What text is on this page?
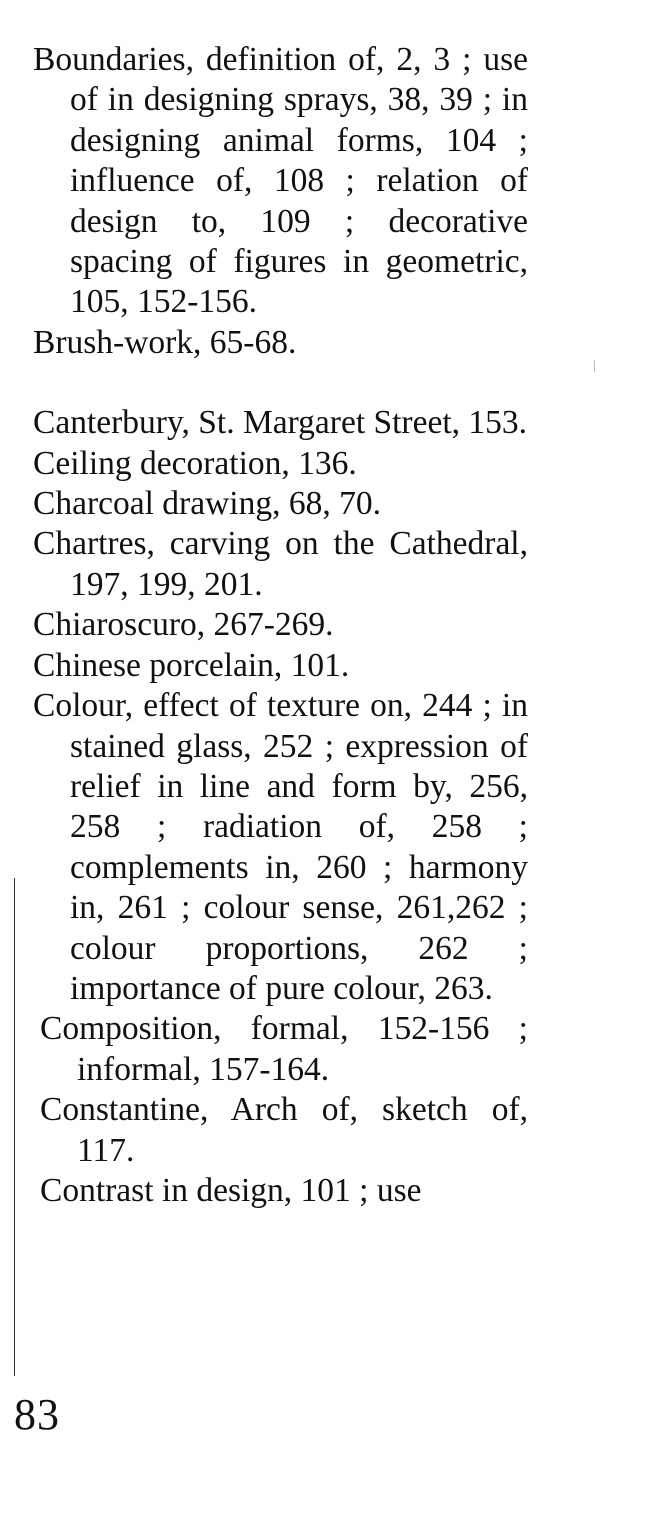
Boundaries, definition of, 2, 3 ; use of in designing sprays, 38, 39 ; in designing animal forms, 104 ; influence of, 108 ; relation of design to, 109 ; decorative spacing of figures in geometric, 105, 152-156.
Brush-work, 65-68.
Canterbury, St. Margaret Street, 153.
Ceiling decoration, 136.
Charcoal drawing, 68, 70.
Chartres, carving on the Cathedral, 197, 199, 201.
Chiaroscuro, 267-269.
Chinese porcelain, 101.
Colour, effect of texture on, 244 ; in stained glass, 252 ; expression of relief in line and form by, 256, 258 ; radiation of, 258 ; complements in, 260 ; harmony in, 261 ; colour sense, 261,262 ; colour proportions, 262 ; importance of pure colour, 263.
Composition, formal, 152-156 ; informal, 157-164.
Constantine, Arch of, sketch of, 117.
Contrast in design, 101 ; use
83
